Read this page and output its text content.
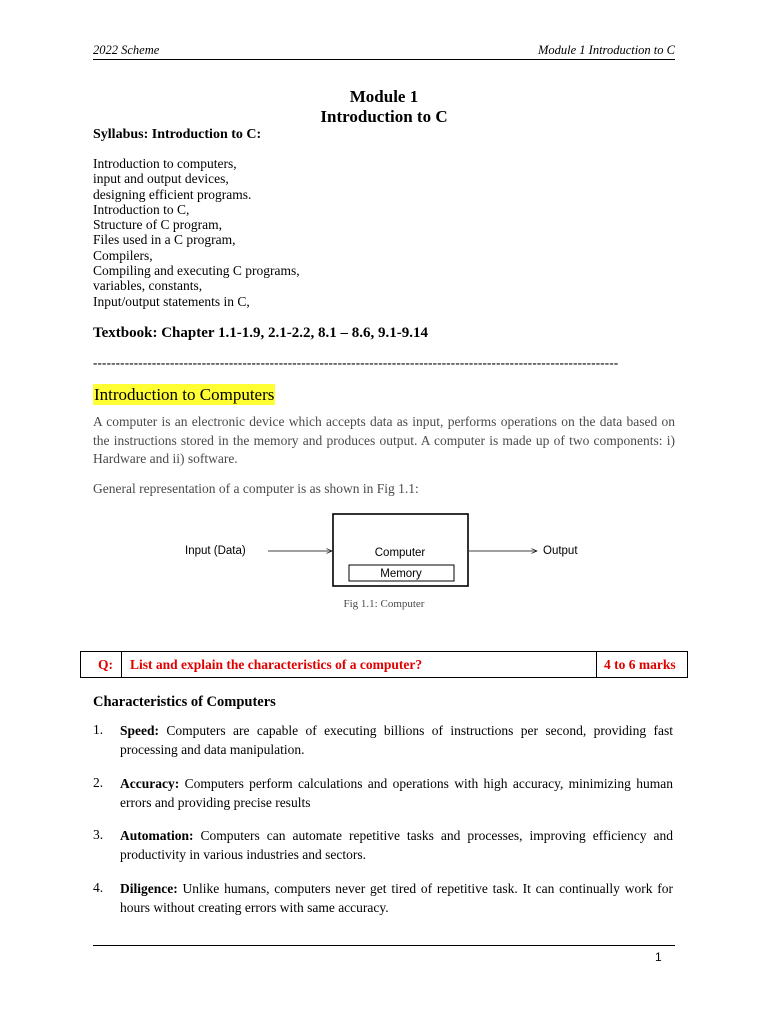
2022 Scheme	Module 1 Introduction to C
Module 1
Introduction to C
Syllabus: Introduction to C:
Introduction to computers,
input and output devices,
designing efficient programs.
Introduction to C,
Structure of C program,
Files used in a C program,
Compilers,
Compiling and executing C programs,
variables, constants,
Input/output statements in C,
Textbook: Chapter 1.1-1.9, 2.1-2.2, 8.1 – 8.6, 9.1-9.14
--------------------------------------------------------------------------------------------------------------------
Introduction to Computers
A computer is an electronic device which accepts data as input, performs operations on the data based on the instructions stored in the memory and produces output. A computer is made up of two components: i) Hardware and ii) software.
General representation of a computer is as shown in Fig 1.1:
Input (Data)	Computer
Memory
Output
Fig 1.1: Computer
Q: List and explain the characteristics of a computer?	4 to 6 marks
Characteristics of Computers
1. Speed: Computers are capable of executing billions of instructions per second, providing fast processing and data manipulation.
2. Accuracy: Computers perform calculations and operations with high accuracy, minimizing human errors and providing precise results
3. Automation: Computers can automate repetitive tasks and processes, improving efficiency and productivity in various industries and sectors.
4. Diligence: Unlike humans, computers never get tired of repetitive task. It can continually work for hours without creating errors with same accuracy.
1
